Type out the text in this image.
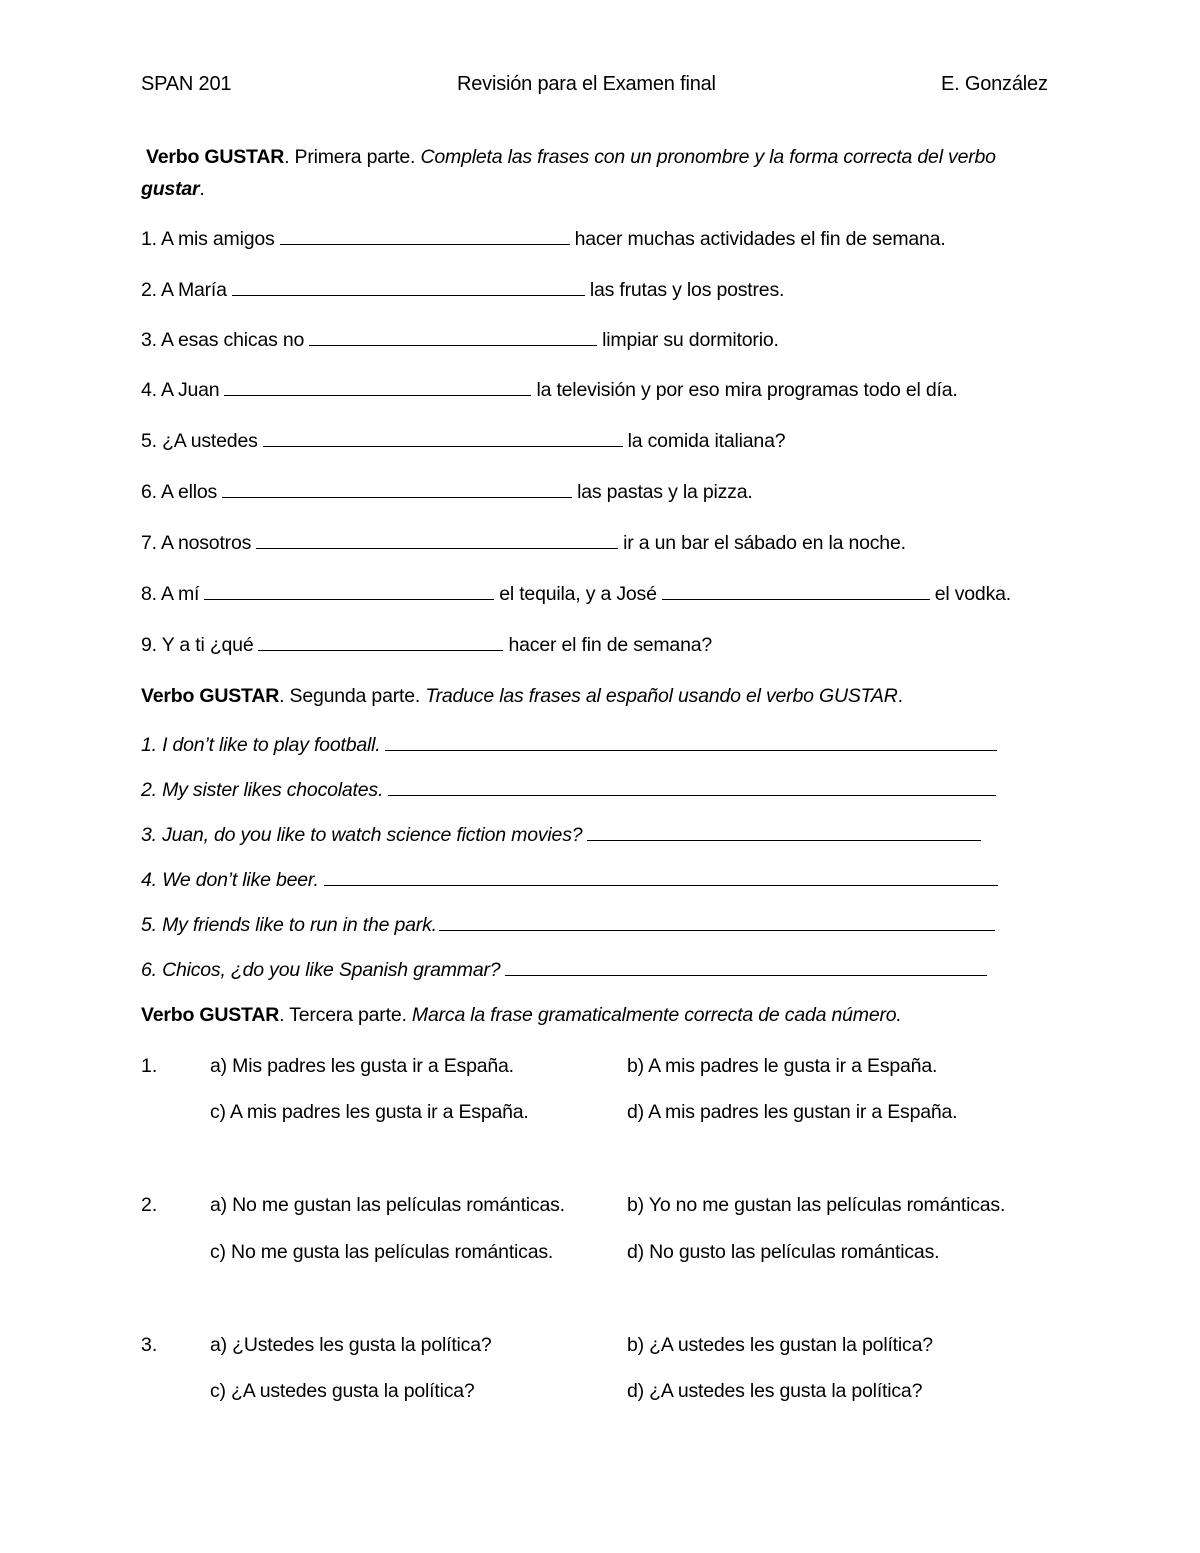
SPAN 201	Revisión para el Examen final	E. González
Verbo GUSTAR. Primera parte. Completa las frases con un pronombre y la forma correcta del verbo
gustar.
1. A mis amigos	hacer muchas actividades el fin de semana.
2. A María	las frutas y los postres.
3. A esas chicas no	limpiar su dormitorio.
4. A Juan	la televisión y por eso mira programas todo el día.
5. ¿A ustedes	la comida italiana?
6. A ellos	las pastas y la pizza.
7. A nosotros	ir a un bar el sábado en la noche.
8. A mí	el tequila, y a José	el vodka.
9. Y a ti ¿qué	hacer el fin de semana?
Verbo GUSTAR. Segunda parte. Traduce las frases al español usando el verbo GUSTAR.
1. I don’t like to play football.
2. My sister likes chocolates.
3. Juan, do you like to watch science fiction movies?
4. We don’t like beer.
5. My friends like to run in the park.
6. Chicos, ¿do you like Spanish grammar?
Verbo GUSTAR. Tercera parte. Marca la frase gramaticalmente correcta de cada número.
1.	a) Mis padres les gusta ir a España.	b) A mis padres le gusta ir a España.
c) A mis padres les gusta ir a España.	d) A mis padres les gustan ir a España.
2.	a) No me gustan las películas románticas.	b) Yo no me gustan las películas románticas.
c) No me gusta las películas románticas.	d) No gusto las películas románticas.
3.	a) ¿Ustedes les gusta la política?	b) ¿A ustedes les gustan la política?
c) ¿A ustedes gusta la política?	d) ¿A ustedes les gusta la política?
